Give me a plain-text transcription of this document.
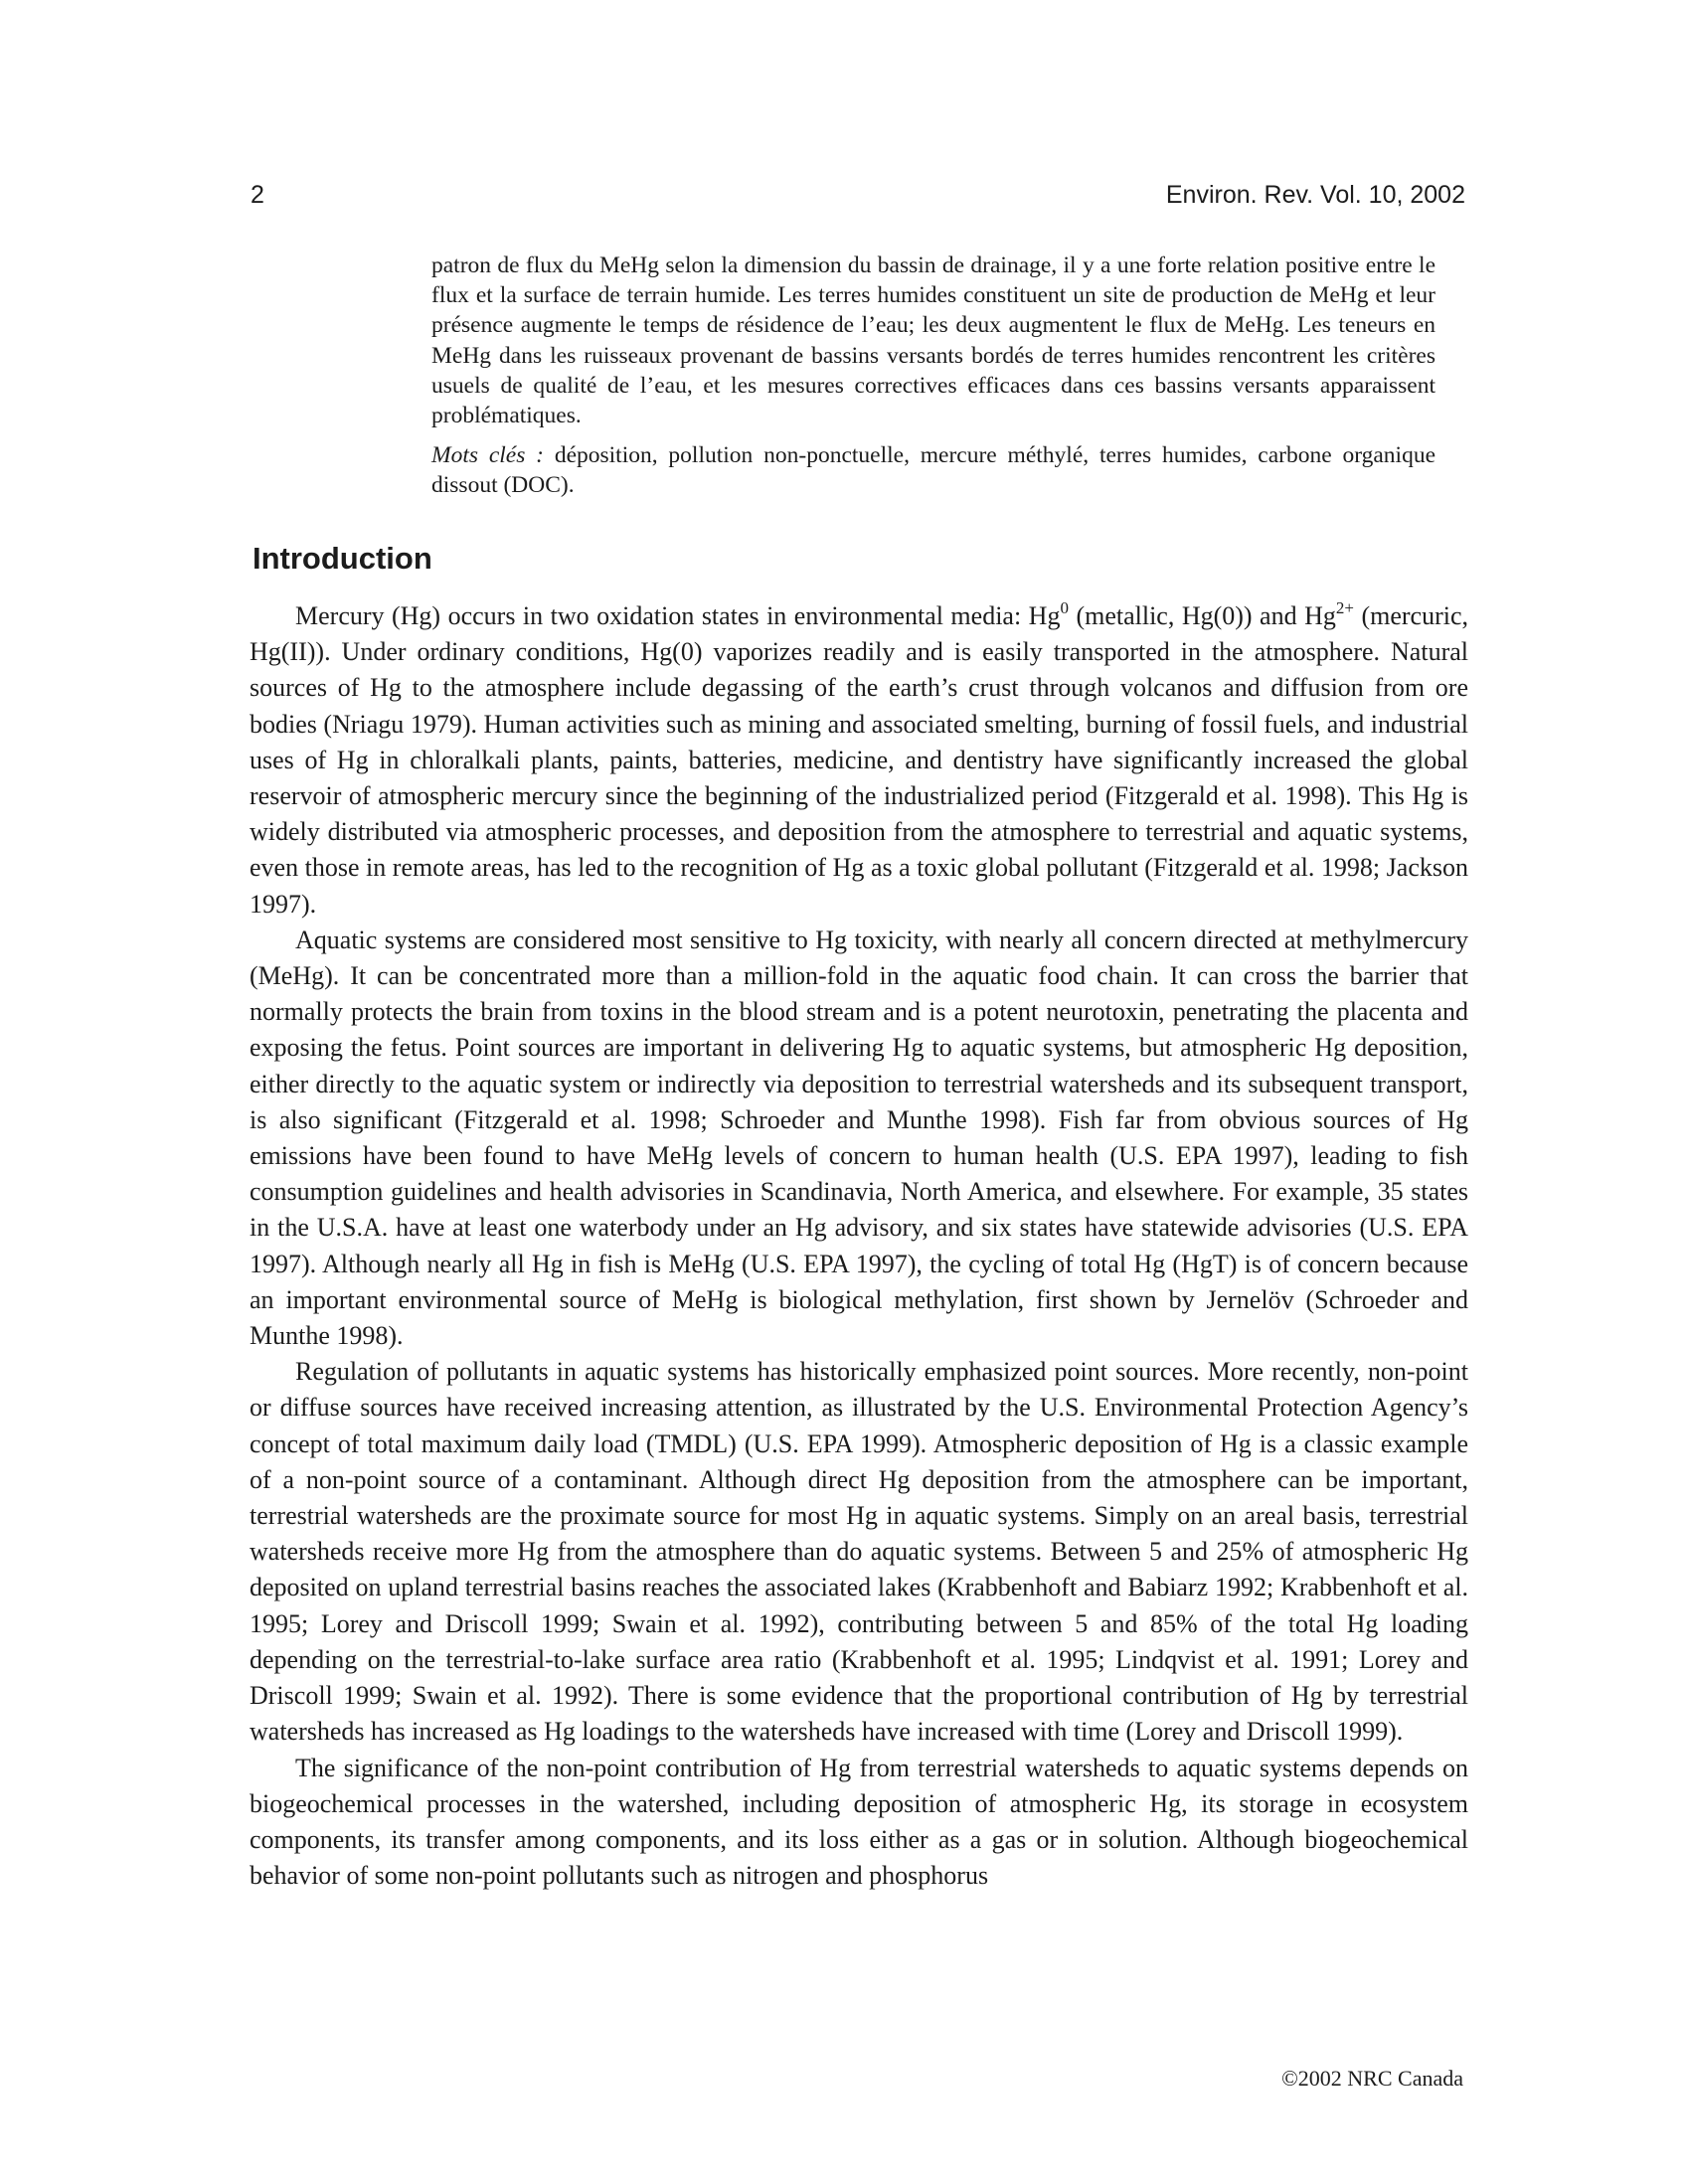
2	Environ. Rev. Vol. 10, 2002

patron de flux du MeHg selon la dimension du bassin de drainage, il y a une forte relation positive entre le flux et la surface de terrain humide. Les terres humides constituent un site de production de MeHg et leur présence augmente le temps de résidence de l’eau; les deux augmentent le flux de MeHg. Les teneurs en MeHg dans les ruisseaux provenant de bassins versants bordés de terres humides rencontrent les critères usuels de qualité de l’eau, et les mesures correctives efficaces dans ces bassins versants apparaissent problématiques.

Mots clés : déposition, pollution non-ponctuelle, mercure méthylé, terres humides, carbone organique dissout (DOC).

Introduction

Mercury (Hg) occurs in two oxidation states in environmental media: Hg$^0$ (metallic, Hg(0)) and $Hg^{2+}$ (mercuric, Hg(II)). Under ordinary conditions, Hg(0) vaporizes readily and is easily transported in the atmosphere. Natural sources of Hg to the atmosphere include degassing of the earth’s crust through volcanos and diffusion from ore bodies (Nriagu 1979). Human activities such as mining and associated smelting, burning of fossil fuels, and industrial uses of Hg in chloralkali plants, paints, batteries, medicine, and dentistry have significantly increased the global reservoir of atmospheric mercury since the beginning of the industrialized period (Fitzgerald et al. 1998). This Hg is widely distributed via atmospheric processes, and deposition from the atmosphere to terrestrial and aquatic systems, even those in remote areas, has led to the recognition of Hg as a toxic global pollutant (Fitzgerald et al. 1998; Jackson 1997).

Aquatic systems are considered most sensitive to Hg toxicity, with nearly all concern directed at methylmercury (MeHg). It can be concentrated more than a million-fold in the aquatic food chain. It can cross the barrier that normally protects the brain from toxins in the blood stream and is a potent neurotoxin, penetrating the placenta and exposing the fetus. Point sources are important in delivering Hg to aquatic systems, but atmospheric Hg deposition, either directly to the aquatic system or indirectly via deposition to terrestrial watersheds and its subsequent transport, is also significant (Fitzgerald et al. 1998; Schroeder and Munthe 1998). Fish far from obvious sources of Hg emissions have been found to have MeHg levels of concern to human health (U.S. EPA 1997), leading to fish consumption guidelines and health advisories in Scandinavia, North America, and elsewhere. For example, 35 states in the U.S.A. have at least one waterbody under an Hg advisory, and six states have statewide advisories (U.S. EPA 1997). Although nearly all Hg in fish is MeHg (U.S. EPA 1997), the cycling of total Hg (HgT) is of concern because an important environmental source of MeHg is biological methylation, first shown by Jernelöv (Schroeder and Munthe 1998).

Regulation of pollutants in aquatic systems has historically emphasized point sources. More recently, non-point or diffuse sources have received increasing attention, as illustrated by the U.S. Environmental Protection Agency’s concept of total maximum daily load (TMDL) (U.S. EPA 1999). Atmospheric deposition of Hg is a classic example of a non-point source of a contaminant. Although direct Hg deposition from the atmosphere can be important, terrestrial watersheds are the proximate source for most Hg in aquatic systems. Simply on an areal basis, terrestrial watersheds receive more Hg from the atmosphere than do aquatic systems. Between 5 and 25% of atmospheric Hg deposited on upland terrestrial basins reaches the associated lakes (Krabbenhoft and Babiarz 1992; Krabbenhoft et al. 1995; Lorey and Driscoll 1999; Swain et al. 1992), contributing between 5 and 85% of the total Hg loading depending on the terrestrial-to-lake surface area ratio (Krabbenhoft et al. 1995; Lindqvist et al. 1991; Lorey and Driscoll 1999; Swain et al. 1992). There is some evidence that the proportional contribution of Hg by terrestrial watersheds has increased as Hg loadings to the watersheds have increased with time (Lorey and Driscoll 1999).

The significance of the non-point contribution of Hg from terrestrial watersheds to aquatic systems depends on biogeochemical processes in the watershed, including deposition of atmospheric Hg, its storage in ecosystem components, its transfer among components, and its loss either as a gas or in solution. Although biogeochemical behavior of some non-point pollutants such as nitrogen and phosphorus

©2002 NRC Canada
